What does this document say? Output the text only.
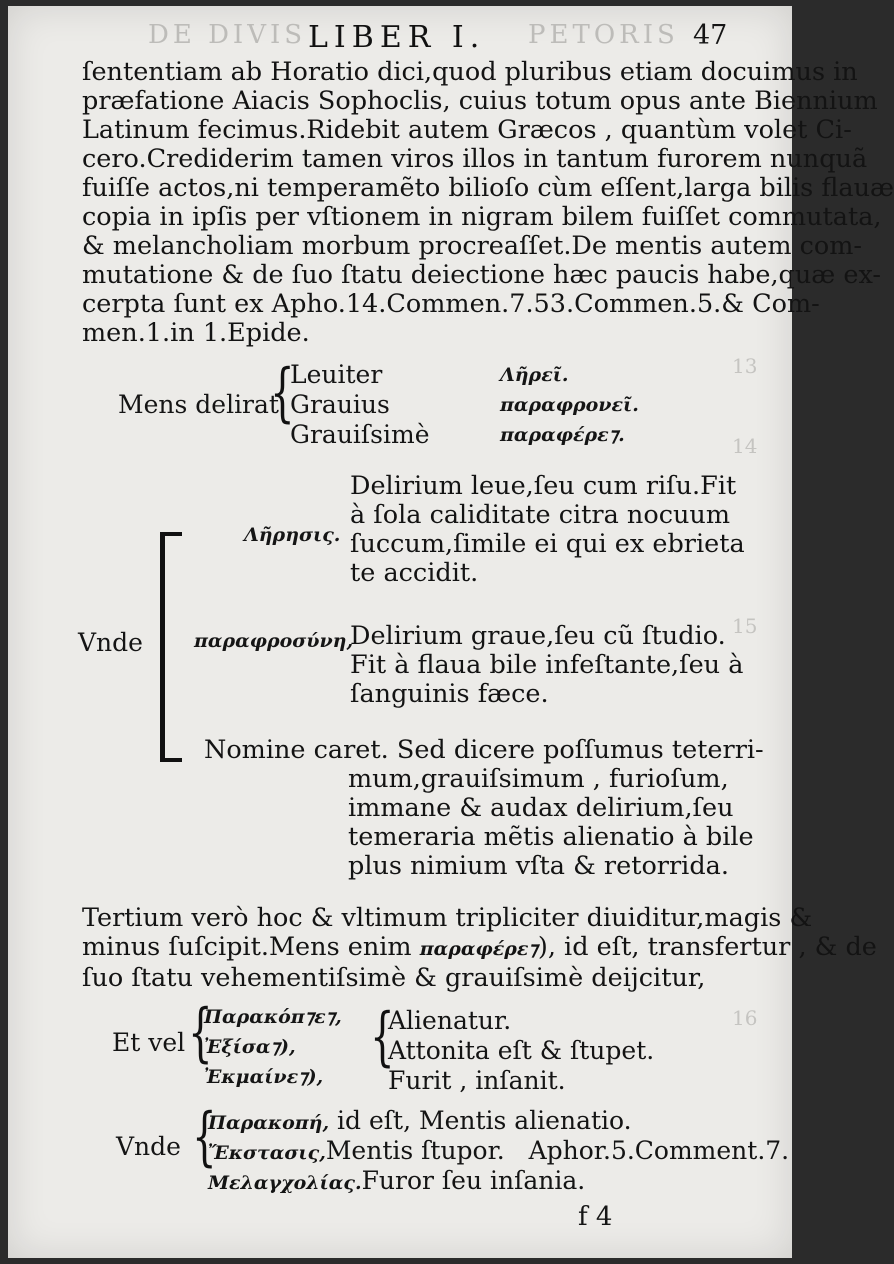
DE DIVIS	PETORIS
LIBER I.	47
13
14
15
16
ſententiam ab Horatio dici,quod pluribus etiam docuimus in
præfatione Aiacis Sophoclis, cuius totum opus ante Biennium
Latinum fecimus.Ridebit autem Græcos , quantùm volet Ci-
cero.Crediderim tamen viros illos in tantum furorem nunquã
fuiſſe actos,ni temperamẽto bilioſo cùm eſſent,larga bilis flauæ
copia in ipſis per vſtionem in nigram bilem fuiſſet commutata,
& melancholiam morbum procreaſſet.De mentis autem com-
mutatione & de ſuo ſtatu deiectione hæc paucis habe,quæ ex-
cerpta ſunt ex Apho.14.Commen.7.53.Commen.5.& Com-
men.1.in 1.Epide.
Mens delirat
{
Leuiter
Grauius
Grauiſsimè
Λῆρεῖ.
παραφρονεῖ.
παραφέρε⁊.
Vnde
Λῆρησις.
Delirium leue,ſeu cum riſu.Fit
à ſola caliditate citra nocuum
ſuccum,ſimile ei qui ex ebrieta
te accidit.
παραφροσύνη,
Delirium graue,ſeu cũ ſtudio.
Fit à flaua bile infeſtante,ſeu à
ſanguinis fæce.
Nomine caret. Sed dicere poſſumus teterri-
mum,grauiſsimum , furioſum,
immane & audax delirium,ſeu
temeraria mẽtis alienatio à bile
plus nimium vſta & retorrida.
Tertium verò hoc & vltimum tripliciter diuiditur,magis &
minus ſuſcipit.Mens enim παραφέρε⁊), id eſt, transfertur , & de
ſuo ſtatu vehementiſsimè & grauiſsimè deijcitur,
Et vel {
Παρακόπ⁊ε⁊,
Ἐξίσα⁊),
Ἐκμαίνε⁊),
{
Alienatur.
Attonita eſt & ſtupet.
Furit , inſanit.
Vnde {
Παρακοπή, id eſt, Mentis alienatio.
Ἔκστασις,Mentis ſtupor.   Aphor.5.Comment.7.
Μελαγχολίας.Furor ſeu inſania.
f 4
